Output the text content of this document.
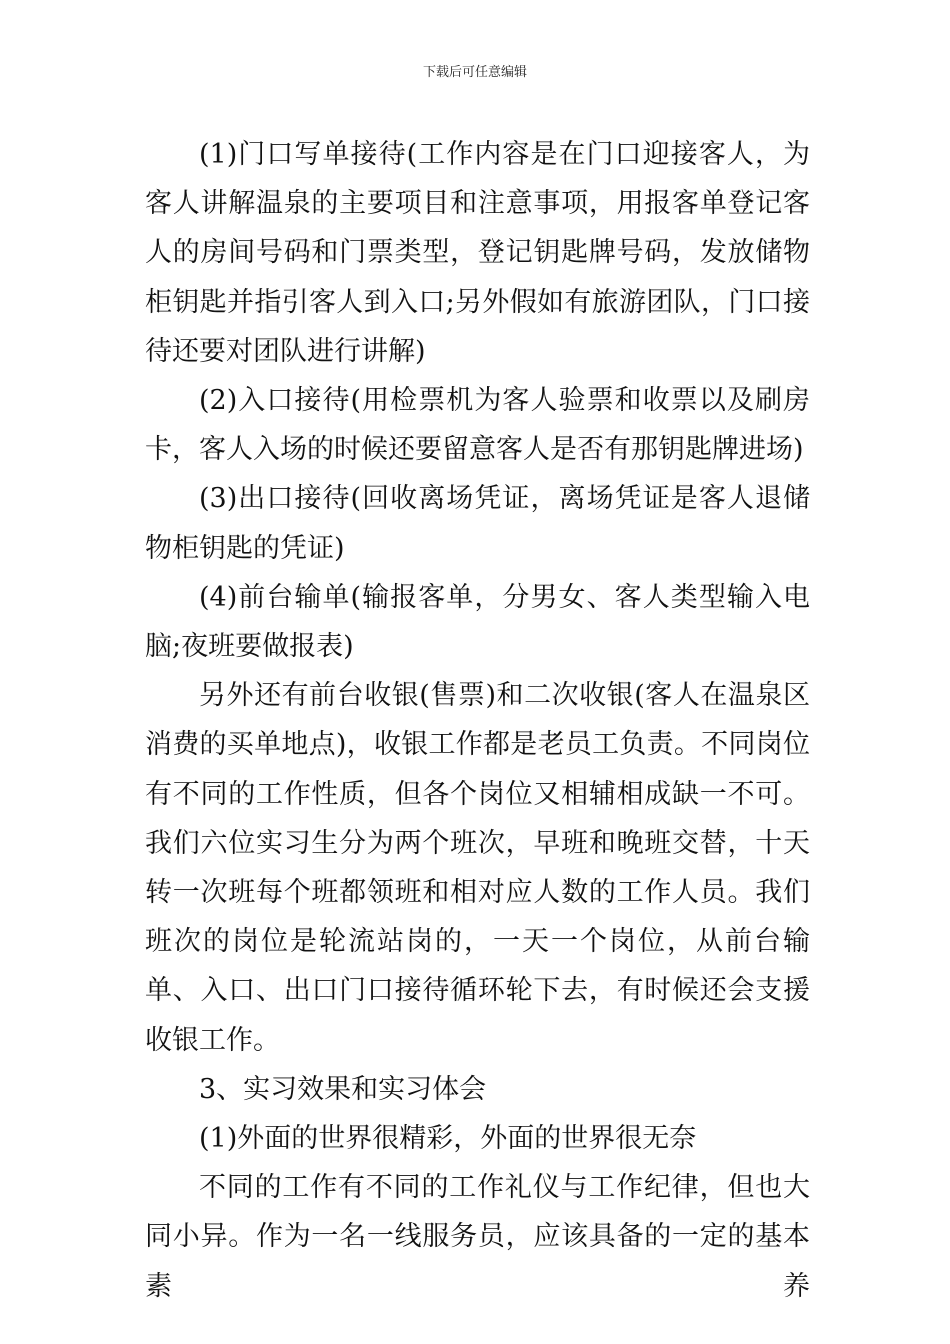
下载后可任意编辑

(1)门口写单接待(工作内容是在门口迎接客人，为客人讲解温泉的主要项目和注意事项，用报客单登记客人的房间号码和门票类型，登记钥匙牌号码，发放储物柜钥匙并指引客人到入口;另外假如有旅游团队，门口接待还要对团队进行讲解)

(2)入口接待(用检票机为客人验票和收票以及刷房卡，客人入场的时候还要留意客人是否有那钥匙牌进场)

(3)出口接待(回收离场凭证，离场凭证是客人退储物柜钥匙的凭证)

(4)前台输单(输报客单，分男女、客人类型输入电脑;夜班要做报表)

另外还有前台收银(售票)和二次收银(客人在温泉区消费的买单地点)，收银工作都是老员工负责。不同岗位有不同的工作性质，但各个岗位又相辅相成缺一不可。我们六位实习生分为两个班次，早班和晚班交替，十天转一次班每个班都领班和相对应人数的工作人员。我们班次的岗位是轮流站岗的，一天一个岗位，从前台输单、入口、出口门口接待循环轮下去，有时候还会支援收银工作。

3、实习效果和实习体会

(1)外面的世界很精彩，外面的世界很无奈

不同的工作有不同的工作礼仪与工作纪律，但也大同小异。作为一名一线服务员，应该具备的一定的基本素养
